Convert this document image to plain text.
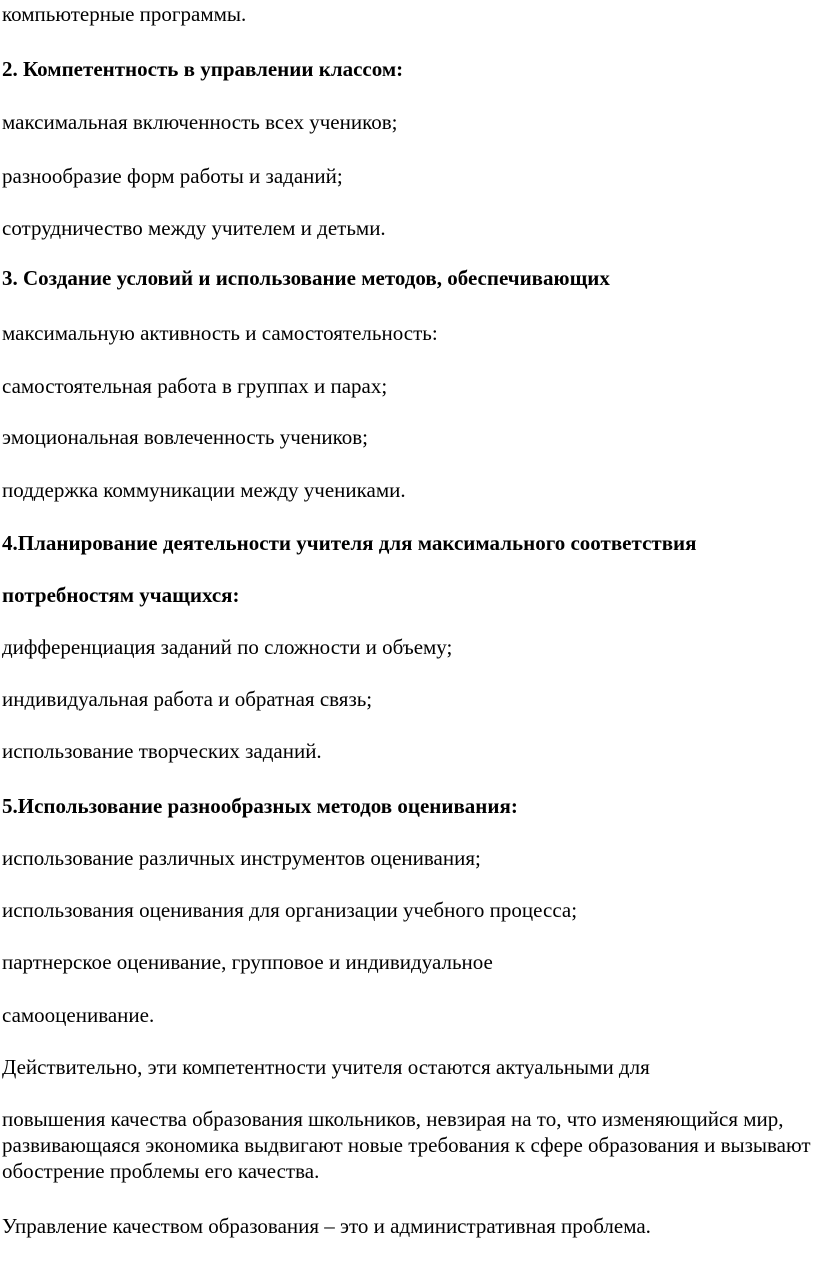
компьютерные программы.
2. Компетентность в управлении классом:
максимальная включенность всех учеников;
разнообразие форм работы и заданий;
сотрудничество между учителем и детьми.
3. Создание условий и использование методов, обеспечивающих
максимальную активность и самостоятельность:
самостоятельная работа в группах и парах;
эмоциональная вовлеченность учеников;
поддержка коммуникации между учениками.
4.Планирование деятельности учителя для максимального соответствия
потребностям учащихся:
дифференциация заданий по сложности и объему;
индивидуальная работа и обратная связь;
использование творческих заданий.
5.Использование разнообразных методов оценивания:
использование различных инструментов оценивания;
использования оценивания для организации учебного процесса;
партнерское оценивание, групповое и индивидуальное
самооценивание.
Действительно, эти компетентности учителя остаются актуальными для
повышения качества образования школьников, невзирая на то, что изменяющийся мир, развивающаяся экономика выдвигают новые требования к сфере образования и вызывают обострение проблемы его качества.
Управление качеством образования – это и административная проблема.
